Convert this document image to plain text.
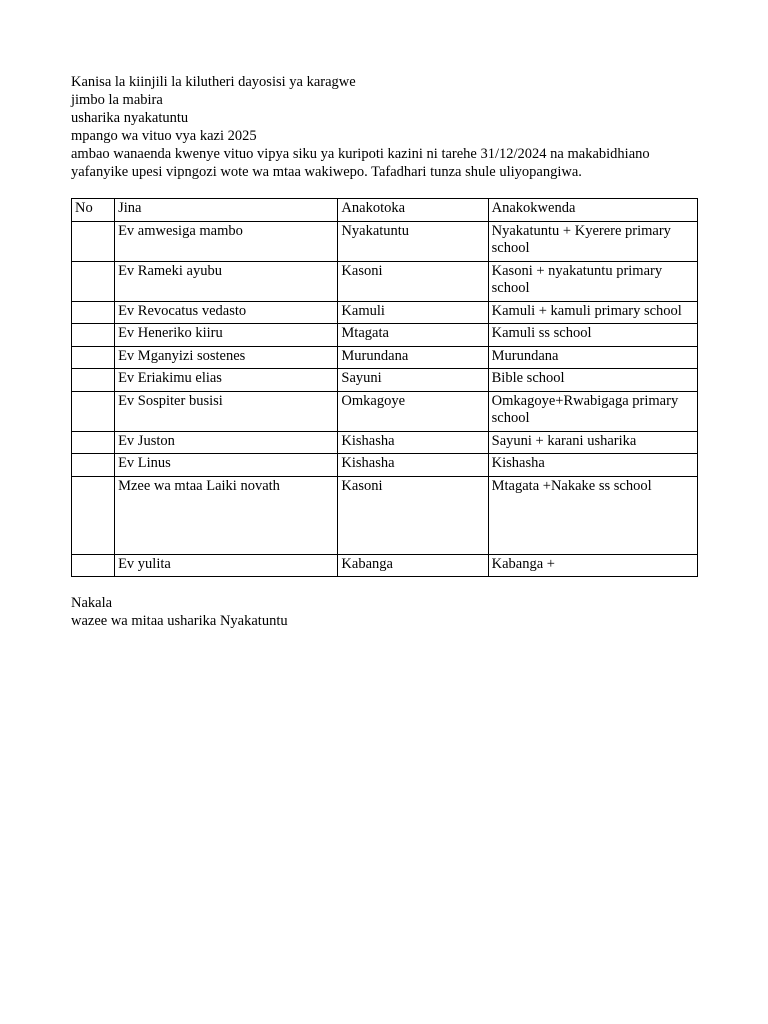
Kanisa la kiinjili la kilutheri dayosisi ya karagwe
jimbo la mabira
usharika nyakatuntu
mpango wa vituo vya kazi 2025
ambao wanaenda kwenye vituo vipya siku ya kuripoti kazini ni tarehe 31/12/2024 na makabidhiano yafanyike upesi vipngozi wote wa mtaa wakiwepo. Tafadhari tunza shule uliyopangiwa.
No	Jina	Anakotoka	Anakokwenda
	Ev amwesiga mambo	Nyakatuntu	Nyakatuntu + Kyerere primary school
	Ev Rameki ayubu	Kasoni	Kasoni + nyakatuntu primary school
	Ev Revocatus vedasto	Kamuli	Kamuli + kamuli primary school
	Ev Heneriko kiiru	Mtagata	Kamuli ss school
	Ev Mganyizi sostenes	Murundana	Murundana
	Ev Eriakimu elias	Sayuni	Bible school
	Ev Sospiter busisi	Omkagoye	Omkagoye+Rwabigaga primary school
	Ev Juston	Kishasha	Sayuni + karani usharika
	Ev Linus	Kishasha	Kishasha
	Mzee wa mtaa Laiki novath	Kasoni	Mtagata +Nakake ss school
	Ev yulita	Kabanga	Kabanga +
Nakala
wazee wa mitaa usharika Nyakatuntu
